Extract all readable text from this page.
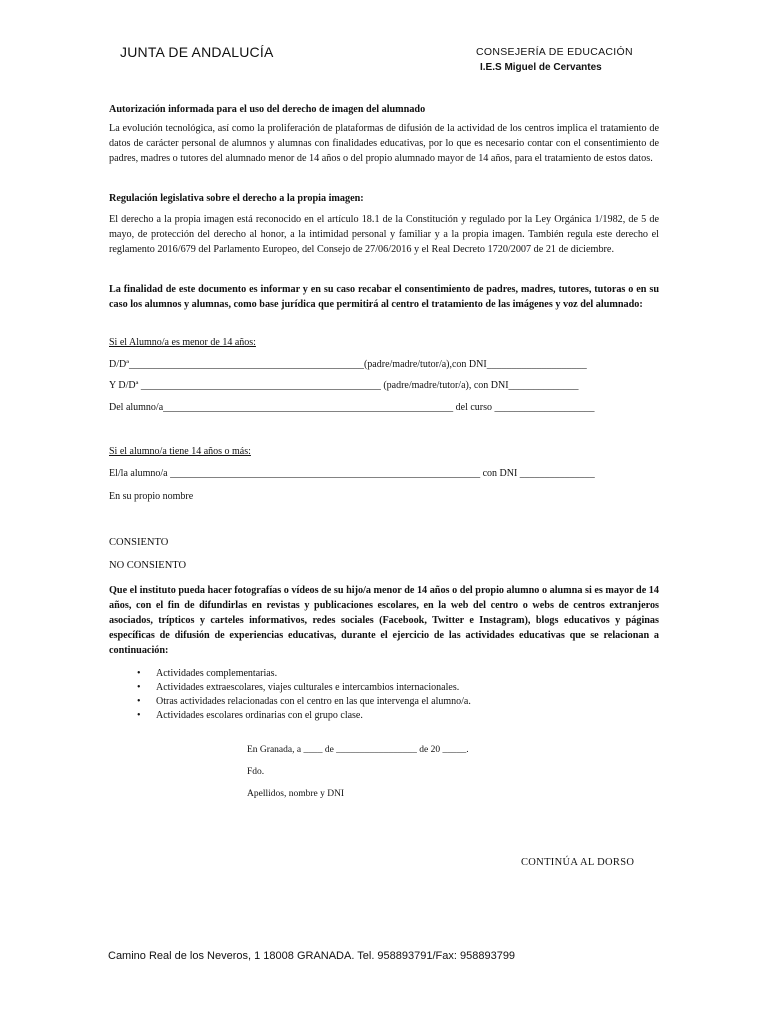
JUNTA DE ANDALUCÍA	CONSEJERÍA DE EDUCACIÓN
I.E.S Miguel de Cervantes
Autorización informada para el uso del derecho de imagen del alumnado
La evolución tecnológica, así como la proliferación de plataformas de difusión de la actividad de los centros implica el tratamiento de datos de carácter personal de alumnos y alumnas con finalidades educativas, por lo que es necesario contar con el consentimiento de padres, madres o tutores del alumnado menor de 14 años o del propio alumnado mayor de 14 años, para el tratamiento de estos datos.
Regulación legislativa sobre el derecho a la propia imagen:
El derecho a la propia imagen está reconocido en el artículo 18.1 de la Constitución y regulado por la Ley Orgánica 1/1982, de 5 de mayo, de protección del derecho al honor, a la intimidad personal y familiar y a la propia imagen. También regula este derecho el reglamento 2016/679 del Parlamento Europeo, del Consejo de 27/06/2016 y el Real Decreto 1720/2007 de 21 de diciembre.
La finalidad de este documento es informar y en su caso recabar el consentimiento de padres, madres, tutores, tutoras o en su caso los alumnos y alumnas, como base jurídica que permitirá al centro el tratamiento de las imágenes y voz del alumnado:
Si el Alumno/a es menor de 14 años:
D/Dª_______________________________________________(padre/madre/tutor/a),con DNI____________________
Y D/Dª ________________________________________________ (padre/madre/tutor/a), con DNI______________
Del alumno/a__________________________________________________________ del curso ____________________
Si el alumno/a tiene 14 años o más:
El/la alumno/a ______________________________________________________________ con DNI _______________
En su propio nombre
CONSIENTO
NO CONSIENTO
Que el instituto pueda hacer fotografías o vídeos de su hijo/a menor de 14 años o del propio alumno o alumna si es mayor de 14 años, con el fin de difundirlas en revistas y publicaciones escolares, en la web del centro o webs de centros extranjeros asociados, trípticos y carteles informativos, redes sociales (Facebook, Twitter e Instagram), blogs educativos y páginas específicas de difusión de experiencias educativas, durante el ejercicio de las actividades educativas que se relacionan a continuación:
• Actividades complementarias.
• Actividades extraescolares, viajes culturales e intercambios internacionales.
• Otras actividades relacionadas con el centro en las que intervenga el alumno/a.
• Actividades escolares ordinarias con el grupo clase.
En Granada, a ____ de _________________ de 20 _____.
Fdo.
Apellidos, nombre y DNI
CONTINÚA AL DORSO
Camino Real de los Neveros, 1 18008 GRANADA. Tel. 958893791/Fax: 958893799
